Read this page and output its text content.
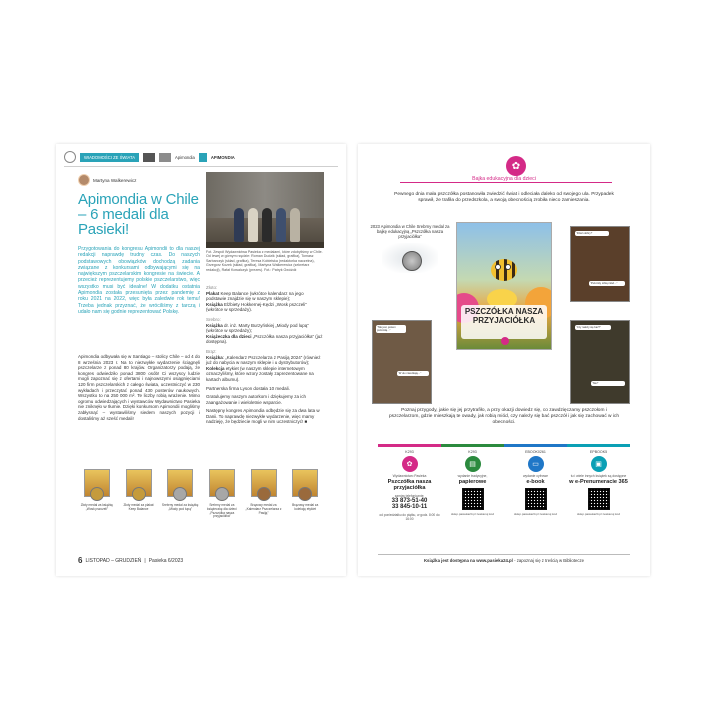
WIADOMOŚCI ZE ŚWIATA	Apimondia	APIMONDIA
Martyna Walkerewicz
Apimondia w Chile – 6 medali dla Pasieki!
Przygotowania do kongresu Apimondii to dla naszej redakcji naprawdę trudny czas. Do naszych podstawowych obowiązków dochodzą zadania związane z konkursami odbywającymi się na największym pszczelarskim kongresie na świecie. A przecież reprezentujemy polskie pszczelarstwo, więc wszystko musi być idealne! W dodatku ostatnia Apimondia została przesunięta przez pandemię z roku 2021 na 2022, więc była zaledwie rok temu! Trzeba jednak przyznać, że wróciliśmy z tarczą i udało nam się godnie reprezentować Polskę.
Apimondia odbywała się w Santiago – stolicy Chile – od 4 do 8 września 2023 r. Na to niezwykłe wydarzenie ściągnęli pszczelarze z ponad 80 krajów. Organizatorzy podają, że kongres odwiedziło ponad 3800 osób! Ci wszyscy ludzie mogli zapoznać się z ofertami i najnowszymi osiągnięciami 120 firm pszczelarskich z całego świata, uczestniczyć w 230 wykładach i przeczytać ponad 430 posterów naukowych. Wszystko to na 250 000 m². Te liczby robią wrażenie. Mimo ogromu odwiedzających i wystawców Wydawnictwo Pasieka nie zniknęło w tłumie. Dzięki konkursom Apimondii mogliśmy zabłysnąć – wystawiliśmy siedem naszych pozycji i dostaliśmy aż sześć medali!
Fot. Zespół Wydawnictwa Pasieka z medalami, które zdobyliśmy w Chile. Od lewej w górnym rzędzie: Roman Dudzik (skład, grafika), Tomasz Sarbarczyk (skład, grafika), Teresa Kobielska (redaktorka naczelna), Grzegorz Kozek (skład, grafika), Martyna Walkerewicz (sekretarz redakcji), Rafał Kowalczyk (prezes). Fot.: Patryk Gwóźdź
Złoto:
Plakat Keep Balance (wkrótce kalendarz na jego podstawie znajdzie się w naszym sklepie);
Książka Elżbiety Hokkernej-Kędzi „Wosk pszczeli” (wkrótce w sprzedaży).
Srebro:
Książka dr. inż. Marty Burzyńskiej „Miody pod lupą” (wkrótce w sprzedaży);
Książeczka dla dzieci „Pszczółka nasza przyjaciółka” (już dostępna).
Brąz:
Książka: „Kalendarz Pszczelarza z Pasiją 2024” (również już do nabycia w naszym sklepie i u dystrybutorów);
Kolekcja etykiet (w naszym sklepie internetowym oznaczyliśmy, które wzory zostały zaprezentowane na kartach albumu).
Partnerska firma Lyson dostała 10 medali.
Gratulujemy naszym autorkom i dziękujemy za ich zaangażowanie i wieloletnie wsparcie.
Następny kongres Apimondia odbędzie się za dwa lata w Danii. To naprawdę niezwykłe wydarzenie, więc mamy nadzieję, że będziecie mogli w nim uczestniczyć! ■
Złoty medal za książkę „Wosk pszczeli”
Złoty medal za plakat Keep Balance
Srebrny medal za książkę „Miody pod lupą”
Srebrny medal za książeczkę dla dzieci „Pszczółka nasza przyjaciółka”
Brązowy medal za „Kalendarz Pszczelarza z Pasiją”
Brązowy medal za kolekcję etykiet
6 LISTOPAD – GRUDZIEŃ | Pasieka 6/2023
✿
Bajka edukacyjna dla dzieci
Pewnego dnia mała pszczółka postanowiła zwiedzić świat i odleciała daleko od swojego ula. Przypadek sprawił, że trafiła do przedszkola, a swoją obecnością zrobiła nieco zamieszania.
2023 Apimondia w Chile Srebrny medal za bajkę edukacyjną „Pszczółka nasza przyjaciółka”
“Tak jest, jestem pszczołą…”
“W ulu mieszkają…”
PSZCZÓŁKA NASZA PRZYJACIÓŁKA
“Dzień dobry!”
“Pszczoły robią miód…”
“Czy należy się bać?”
“Nie!”
Poznaj przygody, jakie się jej przytrafiło, a przy okazji dowiedz się, co zawdzięczamy pszczołom i pszczelarzom, gdzie mieszkają te owady, jak robią miód, czy należy się bać pszczół i jak się zachować w ich obecności.
K293
✿
Wydawnictwo Pasieka
Pszczółka nasza przyjaciółka
zamów telefonicznie:
33 873-51-40
33 845-10-11
od poniedziałku do piątku, w godz. 8:00 do 16:00
K293
▤
wydanie tradycyjne,
papierowe
sklep.pasieka24.pl zeskanuj kod
EBOOK0261
▭
wydanie cyfrowe
e-book
sklep.pasieka24.pl zeskanuj kod
EPBOOK5
▣
tu i wiele innych książek są dostępne
w e-Prenumeracie 365
sklep.pasieka24.pl zeskanuj kod
Książka jest dostępna na www.pasieka24.pl - zapoznaj się z treścią w Bibliotecze
